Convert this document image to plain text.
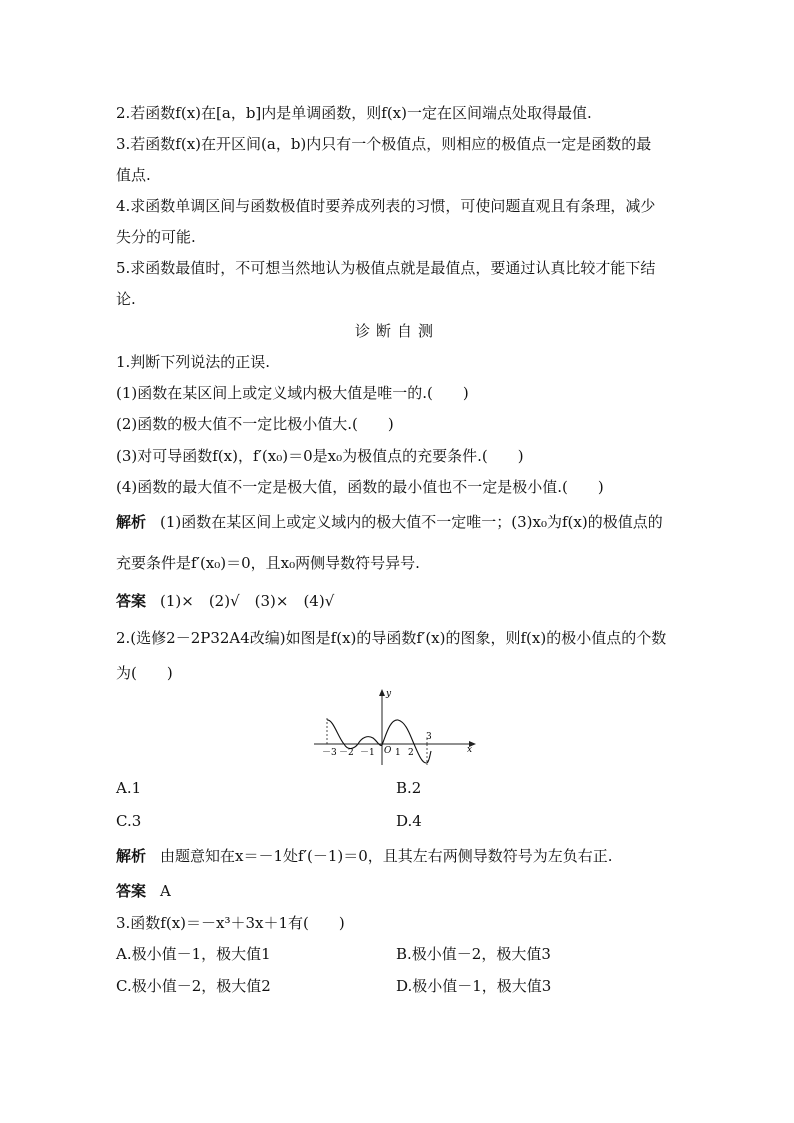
2.若函数f(x)在[a，b]内是单调函数，则f(x)一定在区间端点处取得最值.
3.若函数f(x)在开区间(a，b)内只有一个极值点，则相应的极值点一定是函数的最
值点.
4.求函数单调区间与函数极值时要养成列表的习惯，可使问题直观且有条理，减少
失分的可能.
5.求函数最值时，不可想当然地认为极值点就是最值点，要通过认真比较才能下结
论.
诊断自测
1.判断下列说法的正误.
(1)函数在某区间上或定义域内极大值是唯一的.(　　)
(2)函数的极大值不一定比极小值大.(　　)
(3)对可导函数f(x)，f′(x₀)＝0是x₀为极值点的充要条件.(　　)
(4)函数的最大值不一定是极大值，函数的最小值也不一定是极小值.(　　)
解析 (1)函数在某区间上或定义域内的极大值不一定唯一；(3)x₀为f(x)的极值点的
充要条件是f′(x₀)＝0，且x₀两侧导数符号异号.
答案 (1)×　(2)√　(3)×　(4)√
2.(选修2－2P32A4改编)如图是f(x)的导函数f′(x)的图象，则f(x)的极小值点的个数
为(　　)
y
x
O
－3 －2 －1 1 2
3
A.1	B.2
C.3	D.4
解析 由题意知在x＝－1处f′(－1)＝0，且其左右两侧导数符号为左负右正.
答案 A
3.函数f(x)＝－x³＋3x＋1有(　　)
A.极小值－1，极大值1	B.极小值－2，极大值3
C.极小值－2，极大值2	D.极小值－1，极大值3
